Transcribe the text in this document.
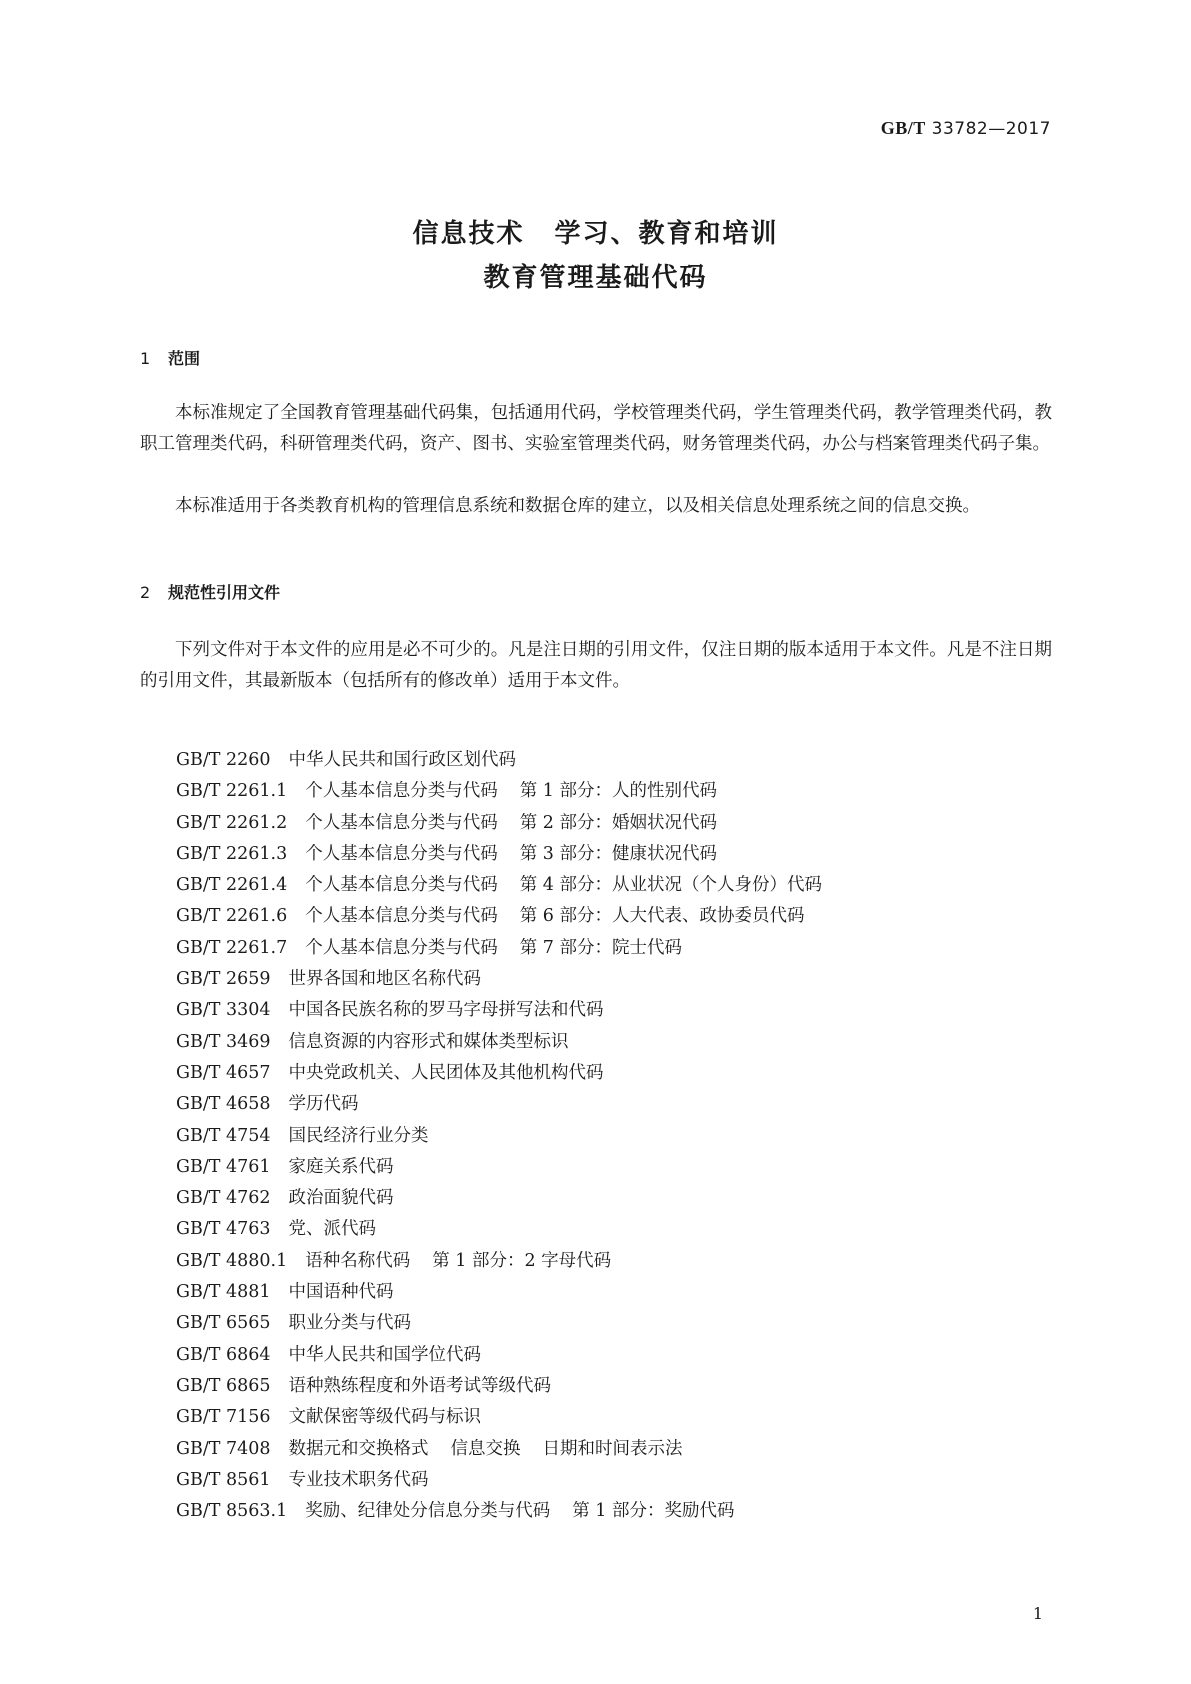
GB/T 33782—2017
信息技术 学习、教育和培训
教育管理基础代码
1 范围

本标准规定了全国教育管理基础代码集，包括通用代码，学校管理类代码，学生管理类代码，教学管理类代码，教职工管理类代码，科研管理类代码，资产、图书、实验室管理类代码，财务管理类代码，办公与档案管理类代码子集。

本标准适用于各类教育机构的管理信息系统和数据仓库的建立，以及相关信息处理系统之间的信息交换。

2 规范性引用文件

下列文件对于本文件的应用是必不可少的。凡是注日期的引用文件，仅注日期的版本适用于本文件。凡是不注日期的引用文件，其最新版本（包括所有的修改单）适用于本文件。

GB/T 2260 中华人民共和国行政区划代码
GB/T 2261.1 个人基本信息分类与代码 第 1 部分：人的性别代码
GB/T 2261.2 个人基本信息分类与代码 第 2 部分：婚姻状况代码
GB/T 2261.3 个人基本信息分类与代码 第 3 部分：健康状况代码
GB/T 2261.4 个人基本信息分类与代码 第 4 部分：从业状况（个人身份）代码
GB/T 2261.6 个人基本信息分类与代码 第 6 部分：人大代表、政协委员代码
GB/T 2261.7 个人基本信息分类与代码 第 7 部分：院士代码
GB/T 2659 世界各国和地区名称代码
GB/T 3304 中国各民族名称的罗马字母拼写法和代码
GB/T 3469 信息资源的内容形式和媒体类型标识
GB/T 4657 中央党政机关、人民团体及其他机构代码
GB/T 4658 学历代码
GB/T 4754 国民经济行业分类
GB/T 4761 家庭关系代码
GB/T 4762 政治面貌代码
GB/T 4763 党、派代码
GB/T 4880.1 语种名称代码 第 1 部分：2 字母代码
GB/T 4881 中国语种代码
GB/T 6565 职业分类与代码
GB/T 6864 中华人民共和国学位代码
GB/T 6865 语种熟练程度和外语考试等级代码
GB/T 7156 文献保密等级代码与标识
GB/T 7408 数据元和交换格式 信息交换 日期和时间表示法
GB/T 8561 专业技术职务代码
GB/T 8563.1 奖励、纪律处分信息分类与代码 第 1 部分：奖励代码
1
